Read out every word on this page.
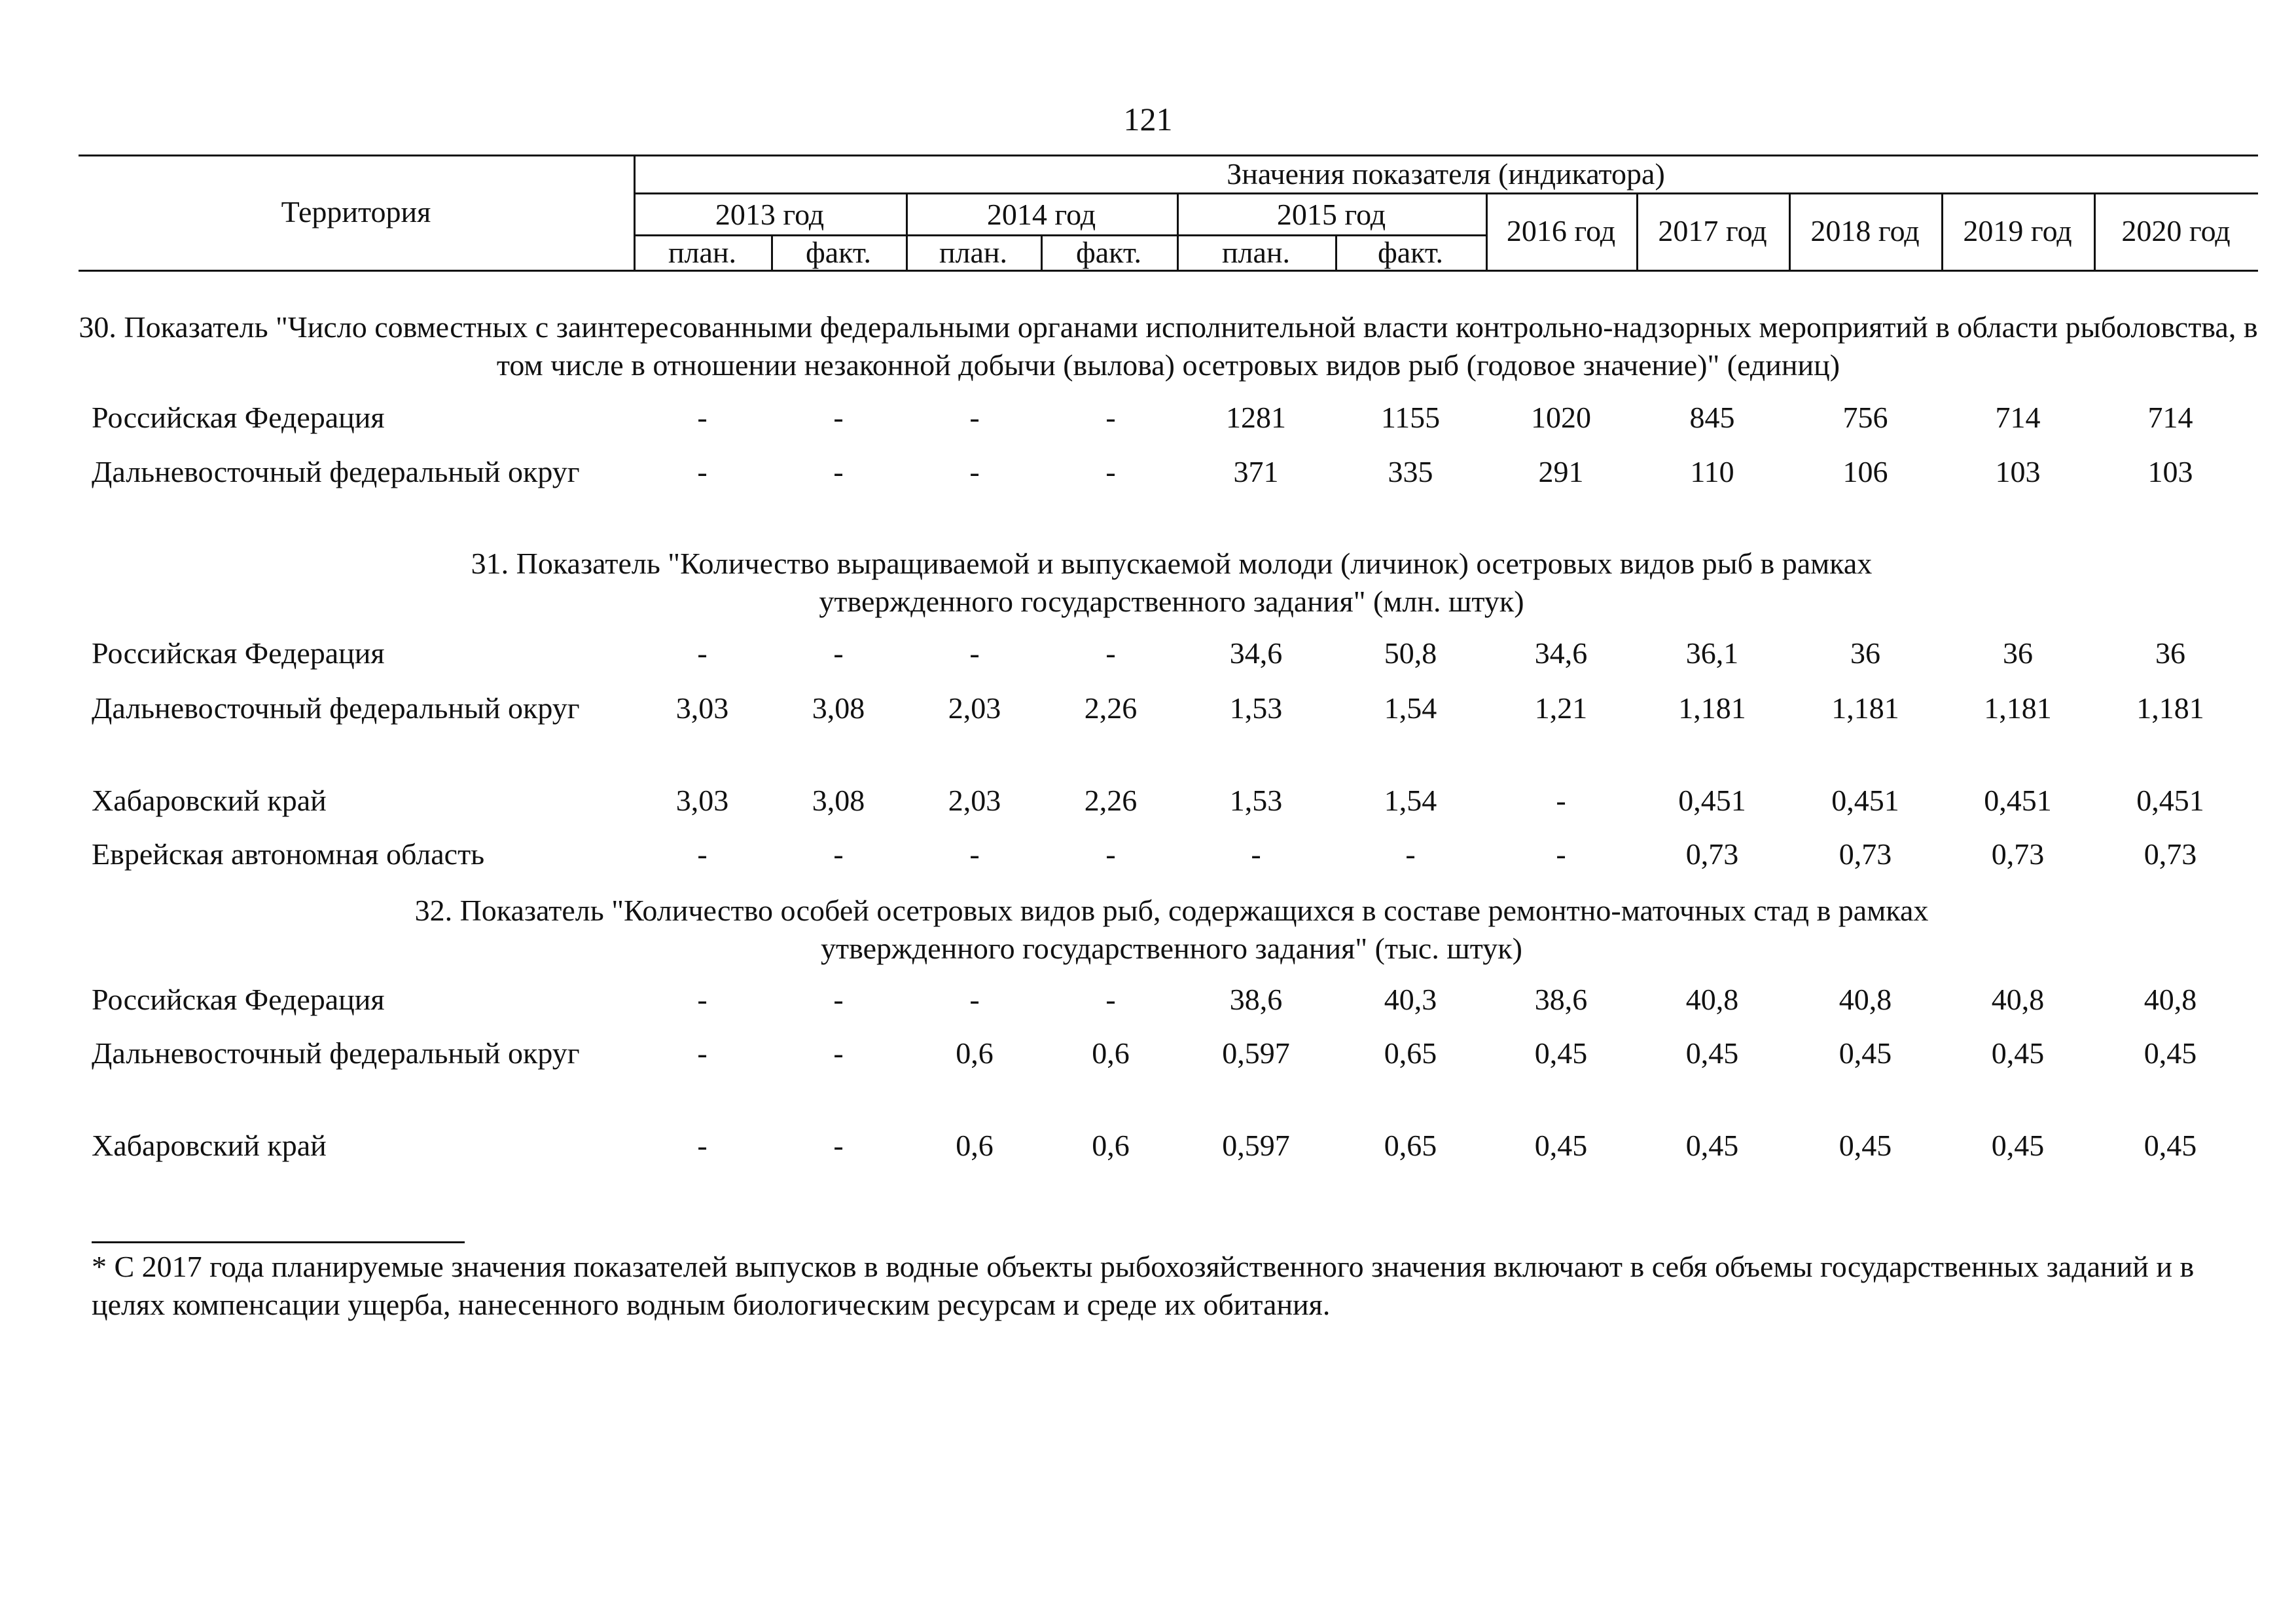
121
Территория
Значения показателя (индикатора)
2013 год	2014 год	2015 год
план.	факт.	план.	факт.	план.	факт.
2016 год	2017 год	2018 год	2019 год	2020 год
30. Показатель "Число совместных с заинтересованными федеральными органами исполнительной власти контрольно-надзорных мероприятий в области рыболовства, в том числе в отношении незаконной добычи (вылова) осетровых видов рыб (годовое значение)" (единиц)
Российская Федерация	-	-	-	-	1281	1155	1020	845	756	714	714
Дальневосточный федеральный округ	-	-	-	-	371	335	291	110	106	103	103
31. Показатель "Количество выращиваемой и выпускаемой молоди (личинок) осетровых видов рыб в рамках утвержденного государственного задания" (млн. штук)
Российская Федерация	-	-	-	-	34,6	50,8	34,6	36,1	36	36	36
Дальневосточный федеральный округ	3,03	3,08	2,03	2,26	1,53	1,54	1,21	1,181	1,181	1,181	1,181
Хабаровский край	3,03	3,08	2,03	2,26	1,53	1,54	-	0,451	0,451	0,451	0,451
Еврейская автономная область	-	-	-	-	-	-	-	0,73	0,73	0,73	0,73
32. Показатель "Количество особей осетровых видов рыб, содержащихся в составе ремонтно-маточных стад в рамках утвержденного государственного задания" (тыс. штук)
Российская Федерация	-	-	-	-	38,6	40,3	38,6	40,8	40,8	40,8	40,8
Дальневосточный федеральный округ	-	-	0,6	0,6	0,597	0,65	0,45	0,45	0,45	0,45	0,45
Хабаровский край	-	-	0,6	0,6	0,597	0,65	0,45	0,45	0,45	0,45	0,45
* С 2017 года планируемые значения показателей выпусков в водные объекты рыбохозяйственного значения включают в себя объемы государственных заданий и в целях компенсации ущерба, нанесенного водным биологическим ресурсам и среде их обитания.
